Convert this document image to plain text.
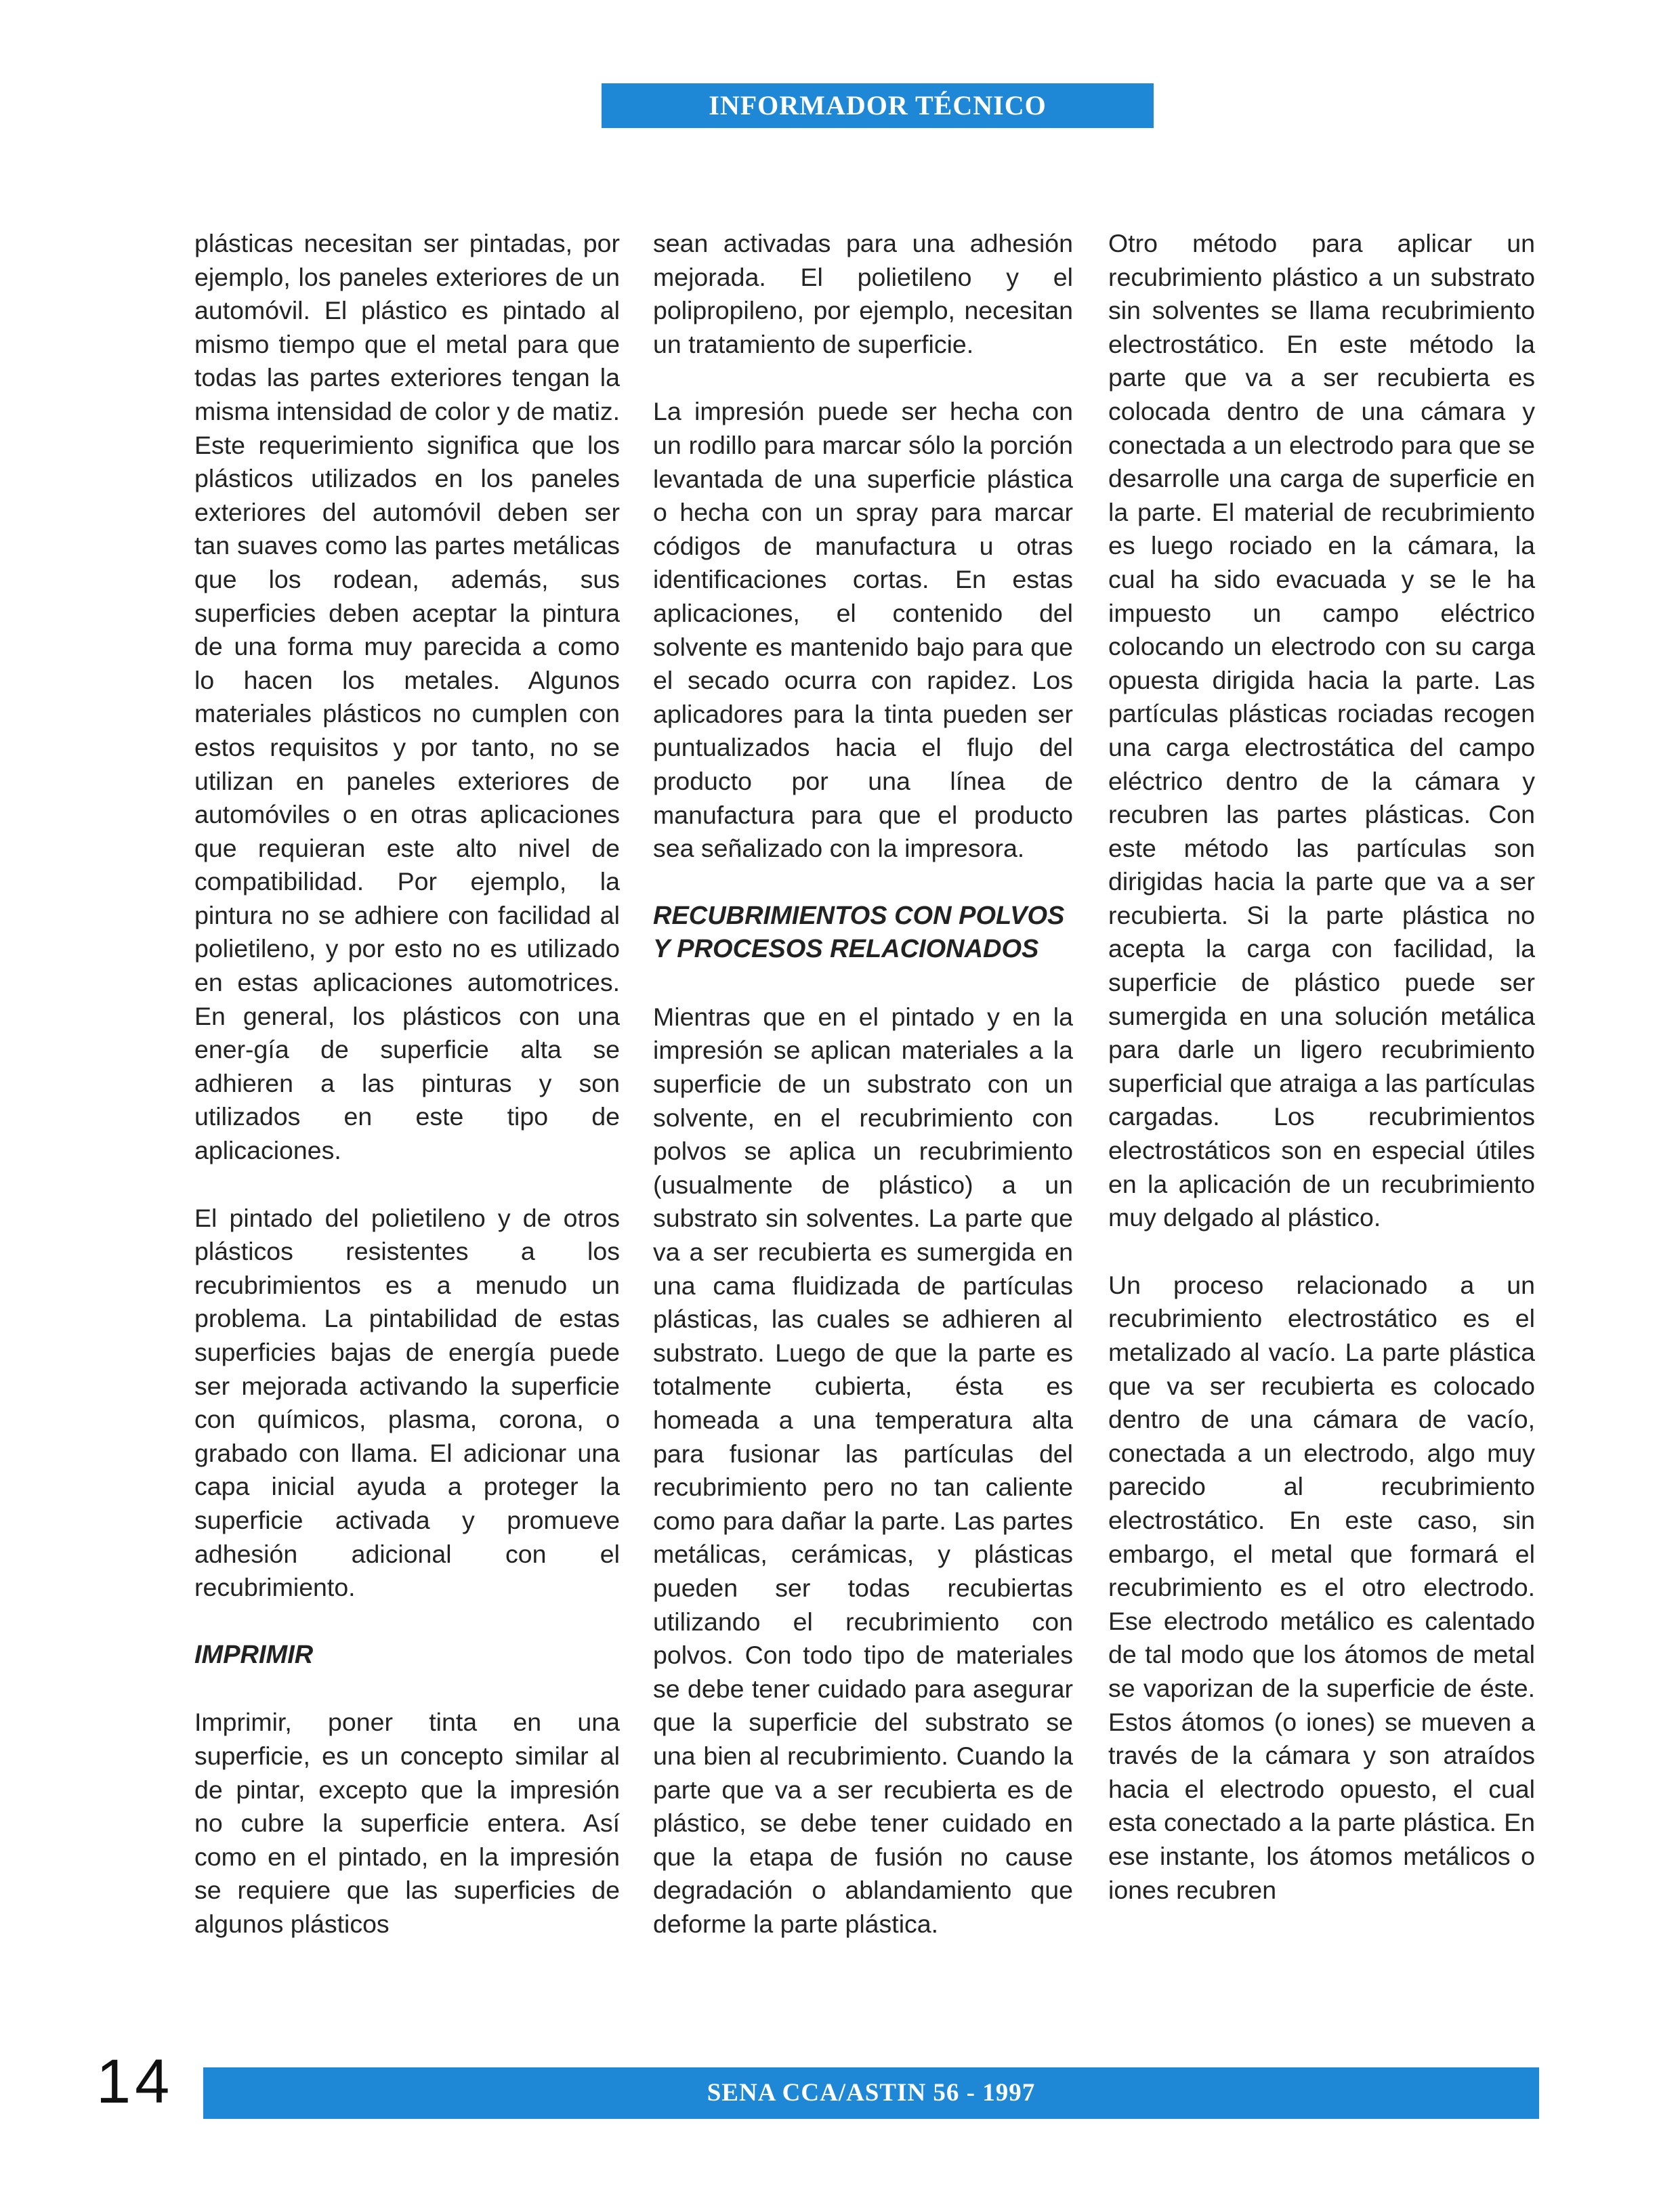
INFORMADOR TÉCNICO

plásticas necesitan ser pintadas, por ejemplo, los paneles exteriores de un automóvil. El plástico es pintado al mismo tiempo que el metal para que todas las partes exteriores tengan la misma intensidad de color y de matiz. Este requerimiento significa que los plásticos utilizados en los paneles exteriores del automóvil deben ser tan suaves como las partes metálicas que los rodean, además, sus superficies deben aceptar la pintura de una forma muy parecida a como lo hacen los metales. Algunos materiales plásticos no cumplen con estos requisitos y por tanto, no se utilizan en paneles exteriores de automóviles o en otras aplicaciones que requieran este alto nivel de compatibilidad. Por ejemplo, la pintura no se adhiere con facilidad al polietileno, y por esto no es utilizado en estas aplicaciones automotrices. En general, los plásticos con una ener-gía de superficie alta se adhieren a las pinturas y son utilizados en este tipo de aplicaciones.

El pintado del polietileno y de otros plásticos resistentes a los recubrimientos es a menudo un problema. La pintabilidad de estas superficies bajas de energía puede ser mejorada activando la superficie con químicos, plasma, corona, o grabado con llama. El adicionar una capa inicial ayuda a proteger la superficie activada y promueve adhesión adicional con el recubrimiento.

IMPRIMIR

Imprimir, poner tinta en una superficie, es un concepto similar al de pintar, excepto que la impresión no cubre la superficie entera. Así como en el pintado, en la impresión se requiere que las superficies de algunos plásticos

sean activadas para una adhesión mejorada. El polietileno y el polipropileno, por ejemplo, necesitan un tratamiento de superficie.

La impresión puede ser hecha con un rodillo para marcar sólo la porción levantada de una superficie plástica o hecha con un spray para marcar códigos de manufactura u otras identificaciones cortas. En estas aplicaciones, el contenido del solvente es mantenido bajo para que el secado ocurra con rapidez. Los aplicadores para la tinta pueden ser puntualizados hacia el flujo del producto por una línea de manufactura para que el producto sea señalizado con la impresora.

RECUBRIMIENTOS CON POLVOS Y PROCESOS RELACIONADOS

Mientras que en el pintado y en la impresión se aplican materiales a la superficie de un substrato con un solvente, en el recubrimiento con polvos se aplica un recubrimiento (usualmente de plástico) a un substrato sin solventes. La parte que va a ser recubierta es sumergida en una cama fluidizada de partículas plásticas, las cuales se adhieren al substrato. Luego de que la parte es totalmente cubierta, ésta es homeada a una temperatura alta para fusionar las partículas del recubrimiento pero no tan caliente como para dañar la parte. Las partes metálicas, cerámicas, y plásticas pueden ser todas recubiertas utilizando el recubrimiento con polvos. Con todo tipo de materiales se debe tener cuidado para asegurar que la superficie del substrato se una bien al recubrimiento. Cuando la parte que va a ser recubierta es de plástico, se debe tener cuidado en que la etapa de fusión no cause degradación o ablandamiento que deforme la parte plástica.

Otro método para aplicar un recubrimiento plástico a un substrato sin solventes se llama recubrimiento electrostático. En este método la parte que va a ser recubierta es colocada dentro de una cámara y conectada a un electrodo para que se desarrolle una carga de superficie en la parte. El material de recubrimiento es luego rociado en la cámara, la cual ha sido evacuada y se le ha impuesto un campo eléctrico colocando un electrodo con su carga opuesta dirigida hacia la parte. Las partículas plásticas rociadas recogen una carga electrostática del campo eléctrico dentro de la cámara y recubren las partes plásticas. Con este método las partículas son dirigidas hacia la parte que va a ser recubierta. Si la parte plástica no acepta la carga con facilidad, la superficie de plástico puede ser sumergida en una solución metálica para darle un ligero recubrimiento superficial que atraiga a las partículas cargadas. Los recubrimientos electrostáticos son en especial útiles en la aplicación de un recubrimiento muy delgado al plástico.

Un proceso relacionado a un recubrimiento electrostático es el metalizado al vacío. La parte plástica que va ser recubierta es colocado dentro de una cámara de vacío, conectada a un electrodo, algo muy parecido al recubrimiento electrostático. En este caso, sin embargo, el metal que formará el recubrimiento es el otro electrodo. Ese electrodo metálico es calentado de tal modo que los átomos de metal se vaporizan de la superficie de éste. Estos átomos (o iones) se mueven a través de la cámara y son atraídos hacia el electrodo opuesto, el cual esta conectado a la parte plástica. En ese instante, los átomos metálicos o iones recubren

14	SENA CCA/ASTIN 56 - 1997
